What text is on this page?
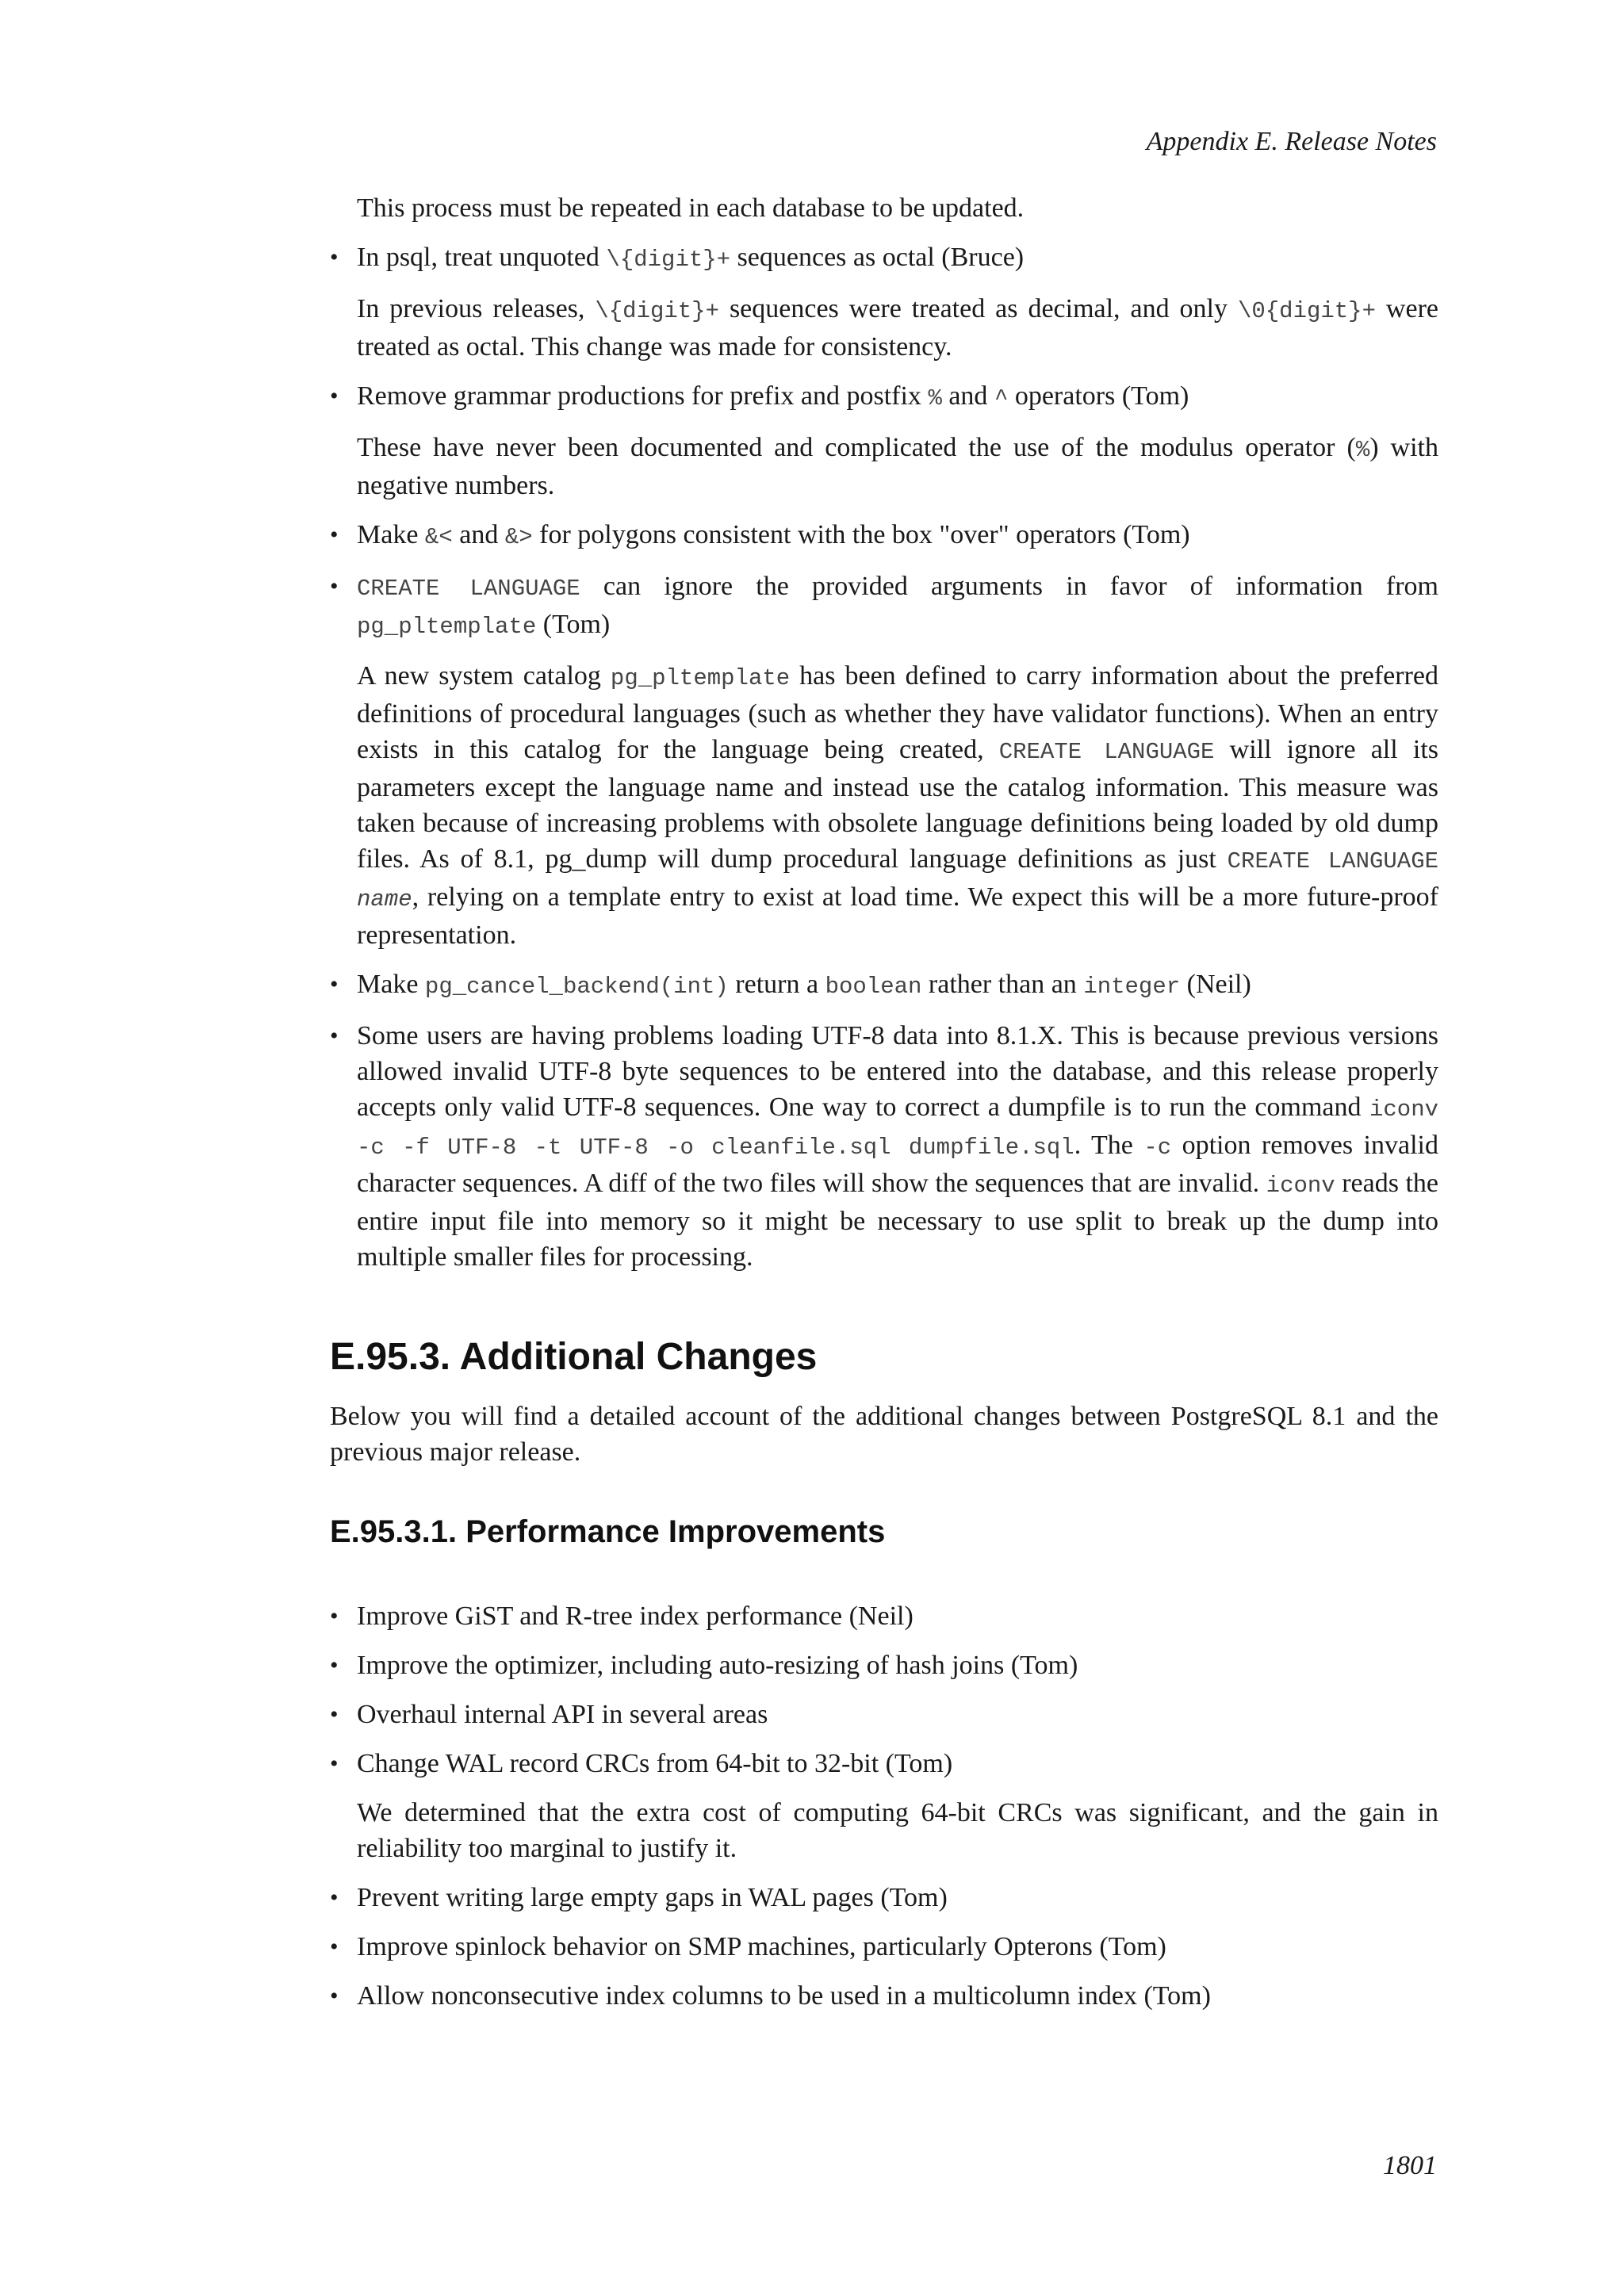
Appendix E. Release Notes

This process must be repeated in each database to be updated.

• In psql, treat unquoted \{digit}+ sequences as octal (Bruce)

In previous releases, \{digit}+ sequences were treated as decimal, and only \0{digit}+ were treated as octal. This change was made for consistency.

• Remove grammar productions for prefix and postfix % and ^ operators (Tom)

These have never been documented and complicated the use of the modulus operator (%) with negative numbers.

• Make &< and &> for polygons consistent with the box "over" operators (Tom)

• CREATE LANGUAGE can ignore the provided arguments in favor of information from pg_pltemplate (Tom)

A new system catalog pg_pltemplate has been defined to carry information about the preferred definitions of procedural languages (such as whether they have validator functions). When an entry exists in this catalog for the language being created, CREATE LANGUAGE will ignore all its parameters except the language name and instead use the catalog information. This measure was taken because of increasing problems with obsolete language definitions being loaded by old dump files. As of 8.1, pg_dump will dump procedural language definitions as just CREATE LANGUAGE name, relying on a template entry to exist at load time. We expect this will be a more future-proof representation.

• Make pg_cancel_backend(int) return a boolean rather than an integer (Neil)

• Some users are having problems loading UTF-8 data into 8.1.X. This is because previous versions allowed invalid UTF-8 byte sequences to be entered into the database, and this release properly accepts only valid UTF-8 sequences. One way to correct a dumpfile is to run the command iconv -c -f UTF-8 -t UTF-8 -o cleanfile.sql dumpfile.sql. The -c option removes invalid character sequences. A diff of the two files will show the sequences that are invalid. iconv reads the entire input file into memory so it might be necessary to use split to break up the dump into multiple smaller files for processing.

E.95.3. Additional Changes

Below you will find a detailed account of the additional changes between PostgreSQL 8.1 and the previous major release.

E.95.3.1. Performance Improvements

• Improve GiST and R-tree index performance (Neil)

• Improve the optimizer, including auto-resizing of hash joins (Tom)

• Overhaul internal API in several areas

• Change WAL record CRCs from 64-bit to 32-bit (Tom)

We determined that the extra cost of computing 64-bit CRCs was significant, and the gain in reliability too marginal to justify it.

• Prevent writing large empty gaps in WAL pages (Tom)

• Improve spinlock behavior on SMP machines, particularly Opterons (Tom)

• Allow nonconsecutive index columns to be used in a multicolumn index (Tom)

1801
